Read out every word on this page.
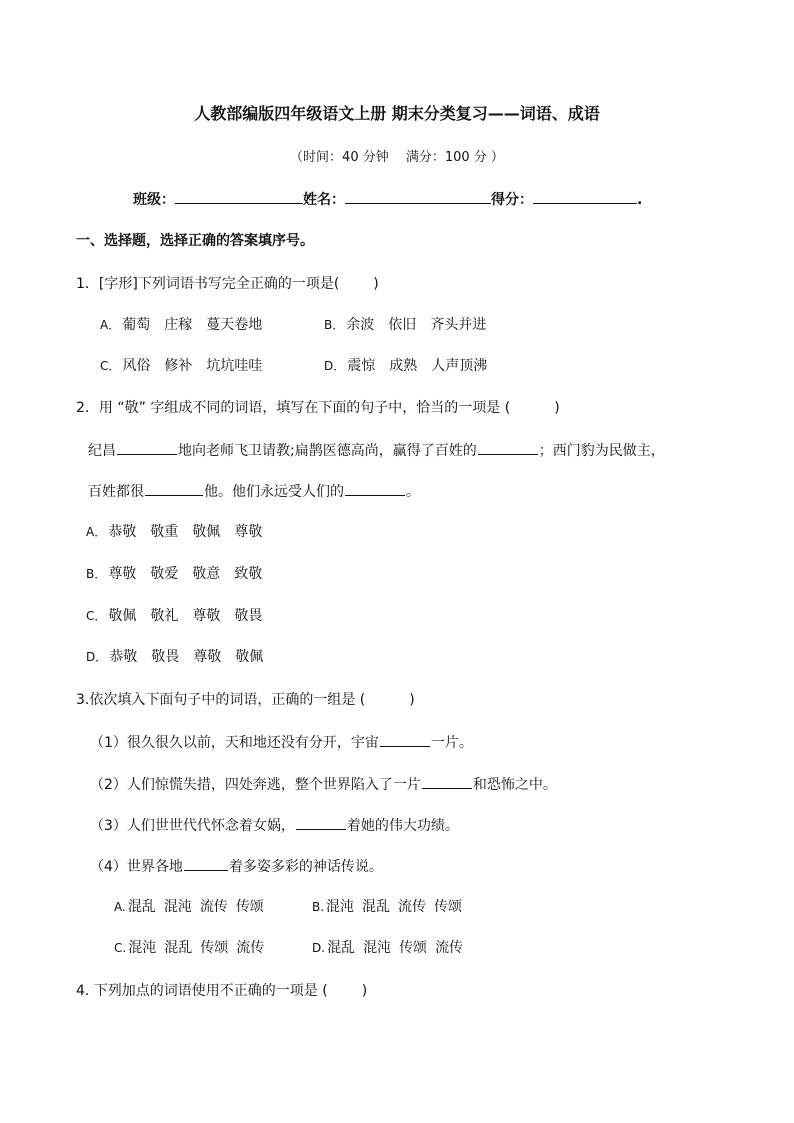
人教部编版四年级语文上册 期末分类复习——词语、成语
（时间：40 分钟　 满分：100 分 ）
班级：	姓名：	得分：	.
一、选择题，选择正确的答案填序号。
1．[字形]下列词语书写完全正确的一项是( )
A． 葡萄 庄稼 蔓天卷地	B． 余波 依旧 齐头并进
C． 风俗 修补 坑坑哇哇	D． 震惊 成熟 人声顶沸
2．用 “敬” 字组成不同的词语，填写在下面的句子中，恰当的一项是 (	)
纪昌	地向老师飞卫请教;扁鹊医德高尚，赢得了百姓的	；西门豹为民做主，
百姓都很	他。他们永远受人们的	。
A． 恭敬 敬重 敬佩 尊敬
B． 尊敬 敬爱 敬意 致敬
C． 敬佩 敬礼 尊敬 敬畏
D． 恭敬 敬畏 尊敬 敬佩
3.依次填入下面句子中的词语，正确的一组是 (	)
（1）很久很久以前，天和地还没有分开，宇宙	一片。
（2）人们惊慌失措，四处奔逃，整个世界陷入了一片	和恐怖之中。
（3）人们世世代代怀念着女娲，	着她的伟大功绩。
（4）世界各地	着多姿多彩的神话传说。
A. 混乱 混沌 流传 传颂	B. 混沌 混乱 流传 传颂
C. 混沌 混乱 传颂 流传	D. 混乱 混沌 传颂 流传
4. 下列加点的词语使用不正确的一项是 ( )
